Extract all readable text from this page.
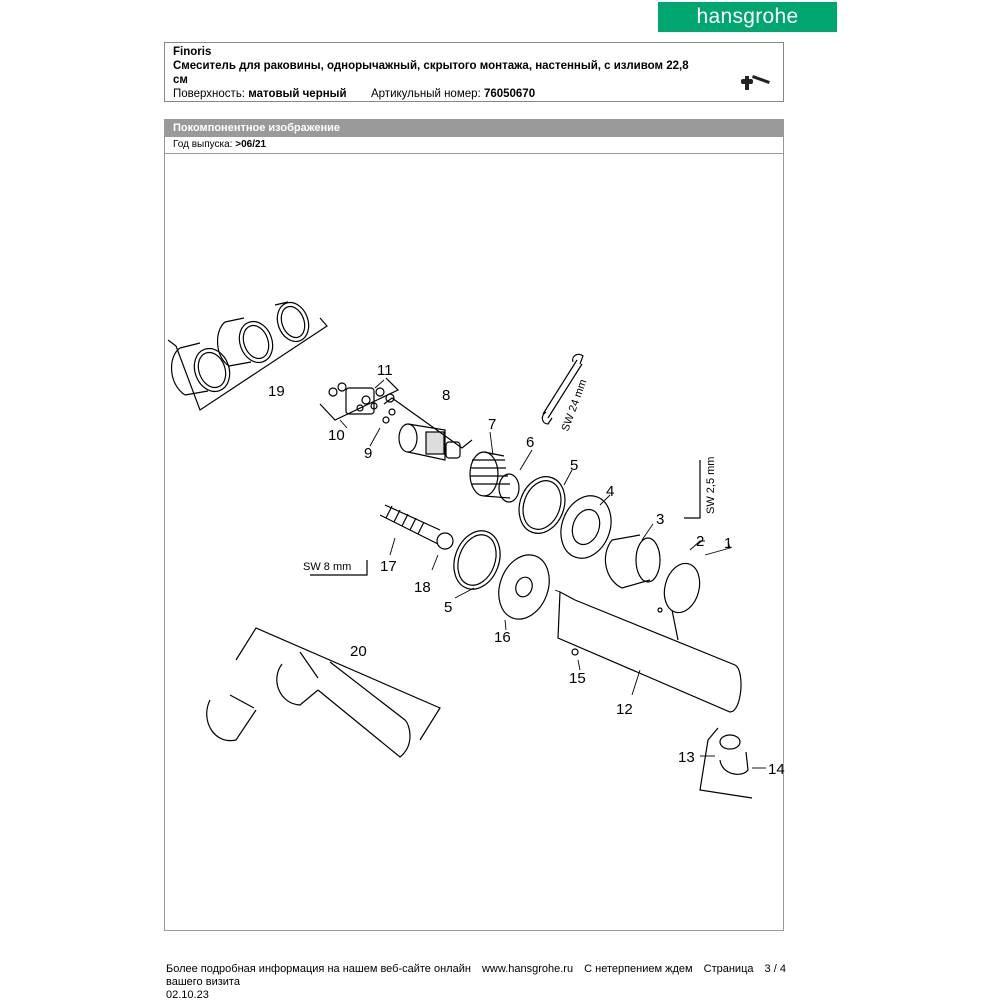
hansgrohe
Finoris
Смеситель для раковины, однорычажный, скрытого монтажа, настенный, с изливом 22,8
см
Поверхность: матовый черный Артикульный номер: 76050670
Покомпонентное изображение
Год выпуска: >06/21
1
2
3
4
5
5
6
7
8
9
10
11
12
13
14
15
16
17
18
19
20
SW 24 mm
SW 2,5 mm
SW 8 mm
Более подробная информация на нашем веб-сайте онлайн www.hansgrohe.ru С нетерпением ждем Страница 3 / 4
вашего визита
02.10.23
